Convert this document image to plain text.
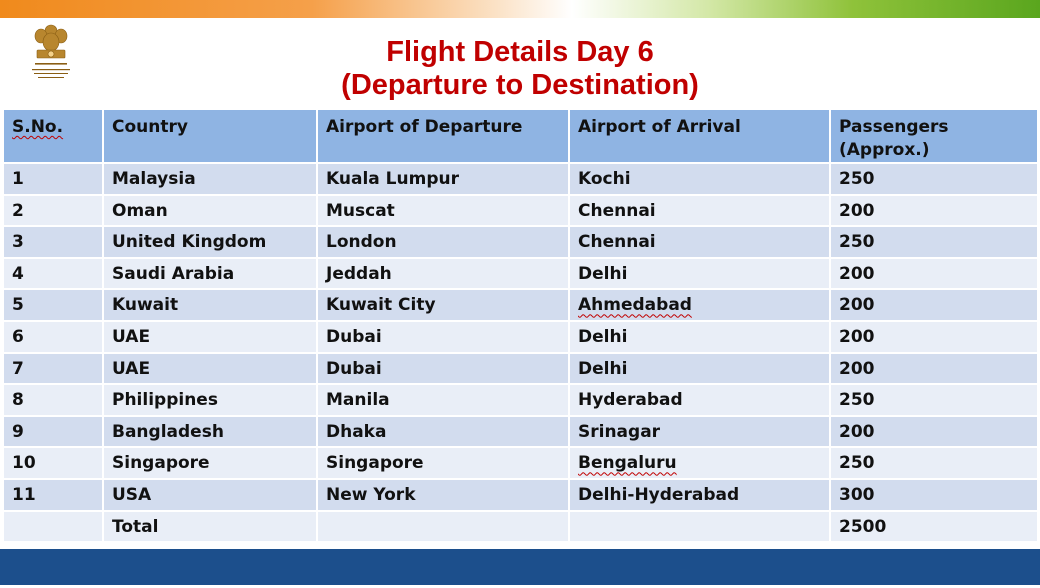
Flight Details Day 6
(Departure to Destination)
S.No.	Country	Airport of Departure	Airport of Arrival	Passengers (Approx.)
1	Malaysia	Kuala Lumpur	Kochi	250
2	Oman	Muscat	Chennai	200
3	United Kingdom	London	Chennai	250
4	Saudi Arabia	Jeddah	Delhi	200
5	Kuwait	Kuwait City	Ahmedabad	200
6	UAE	Dubai	Delhi	200
7	UAE	Dubai	Delhi	200
8	Philippines	Manila	Hyderabad	250
9	Bangladesh	Dhaka	Srinagar	200
10	Singapore	Singapore	Bengaluru	250
11	USA	New York	Delhi-Hyderabad	300
	Total			2500
